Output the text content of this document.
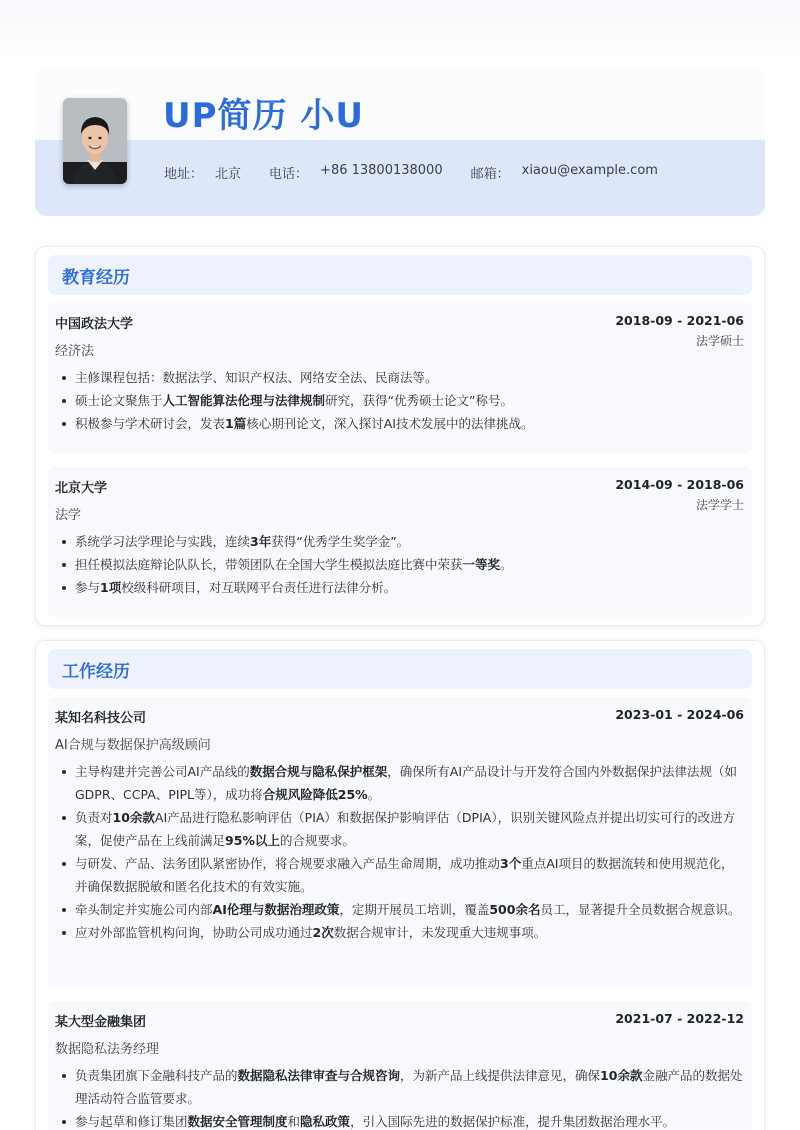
UP简历 小U
地址： 北京 电话： +86 13800138000 邮箱： xiaou@example.com
教育经历
中国政法大学
经济法
2018-09 - 2021-06
法学硕士
主修课程包括：数据法学、知识产权法、网络安全法、民商法等。
硕士论文聚焦于人工智能算法伦理与法律规制研究，获得“优秀硕士论文”称号。
积极参与学术研讨会，发表1篇核心期刊论文，深入探讨AI技术发展中的法律挑战。
北京大学
法学
2014-09 - 2018-06
法学学士
系统学习法学理论与实践，连续3年获得“优秀学生奖学金”。
担任模拟法庭辩论队队长，带领团队在全国大学生模拟法庭比赛中荣获一等奖。
参与1项校级科研项目，对互联网平台责任进行法律分析。
工作经历
某知名科技公司
AI合规与数据保护高级顾问
2023-01 - 2024-06
主导构建并完善公司AI产品线的数据合规与隐私保护框架，确保所有AI产品设计与开发符合国内外数据保护法律法规（如GDPR、CCPA、PIPL等），成功将合规风险降低25%。
负责对10余款AI产品进行隐私影响评估（PIA）和数据保护影响评估（DPIA），识别关键风险点并提出切实可行的改进方案，促使产品在上线前满足95%以上的合规要求。
与研发、产品、法务团队紧密协作，将合规要求融入产品生命周期，成功推动3个重点AI项目的数据流转和使用规范化，并确保数据脱敏和匿名化技术的有效实施。
牵头制定并实施公司内部AI伦理与数据治理政策，定期开展员工培训，覆盖500余名员工，显著提升全员数据合规意识。
应对外部监管机构问询，协助公司成功通过2次数据合规审计，未发现重大违规事项。
某大型金融集团
数据隐私法务经理
2021-07 - 2022-12
负责集团旗下金融科技产品的数据隐私法律审查与合规咨询，为新产品上线提供法律意见，确保10余款金融产品的数据处理活动符合监管要求。
参与起草和修订集团数据安全管理制度和隐私政策，引入国际先进的数据保护标准，提升集团数据治理水平。
